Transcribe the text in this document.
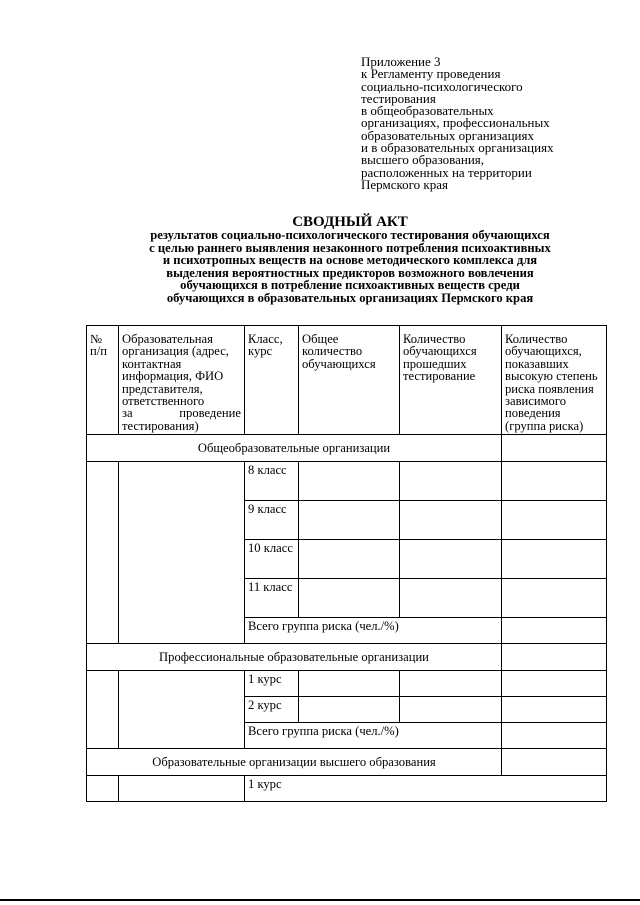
Приложение 3
к Регламенту проведения
социально-психологического
тестирования
в общеобразовательных
организациях, профессиональных
образовательных организациях
и в образовательных организациях
высшего образования,
расположенных на территории
Пермского края
СВОДНЫЙ АКТ
результатов социально-психологического тестирования обучающихся
с целью раннего выявления незаконного потребления психоактивных
и психотропных веществ на основе методического комплекса для
выделения вероятностных предикторов возможного вовлечения
обучающихся в потребление психоактивных веществ среди
обучающихся в образовательных организациях Пермского края
№ п/п	Образовательная организация (адрес, контактная информация, ФИО представителя, ответственного
за проведение
тестирования)	Класс, курс	Общее количество обучающихся	Количество обучающихся прошедших тестирование	Количество обучающихся, показавших высокую степень риска появления зависимого поведения (группа риска)
Общеобразовательные организации					
		8 класс			
		9 класс			
		10 класс			
		11 класс			
		Всего группа риска (чел./%)			
Профессиональные образовательные организации					
		1 курс			
		2 курс			
		Всего группа риска (чел./%)			
Образовательные организации высшего образования					
		1 курс			
